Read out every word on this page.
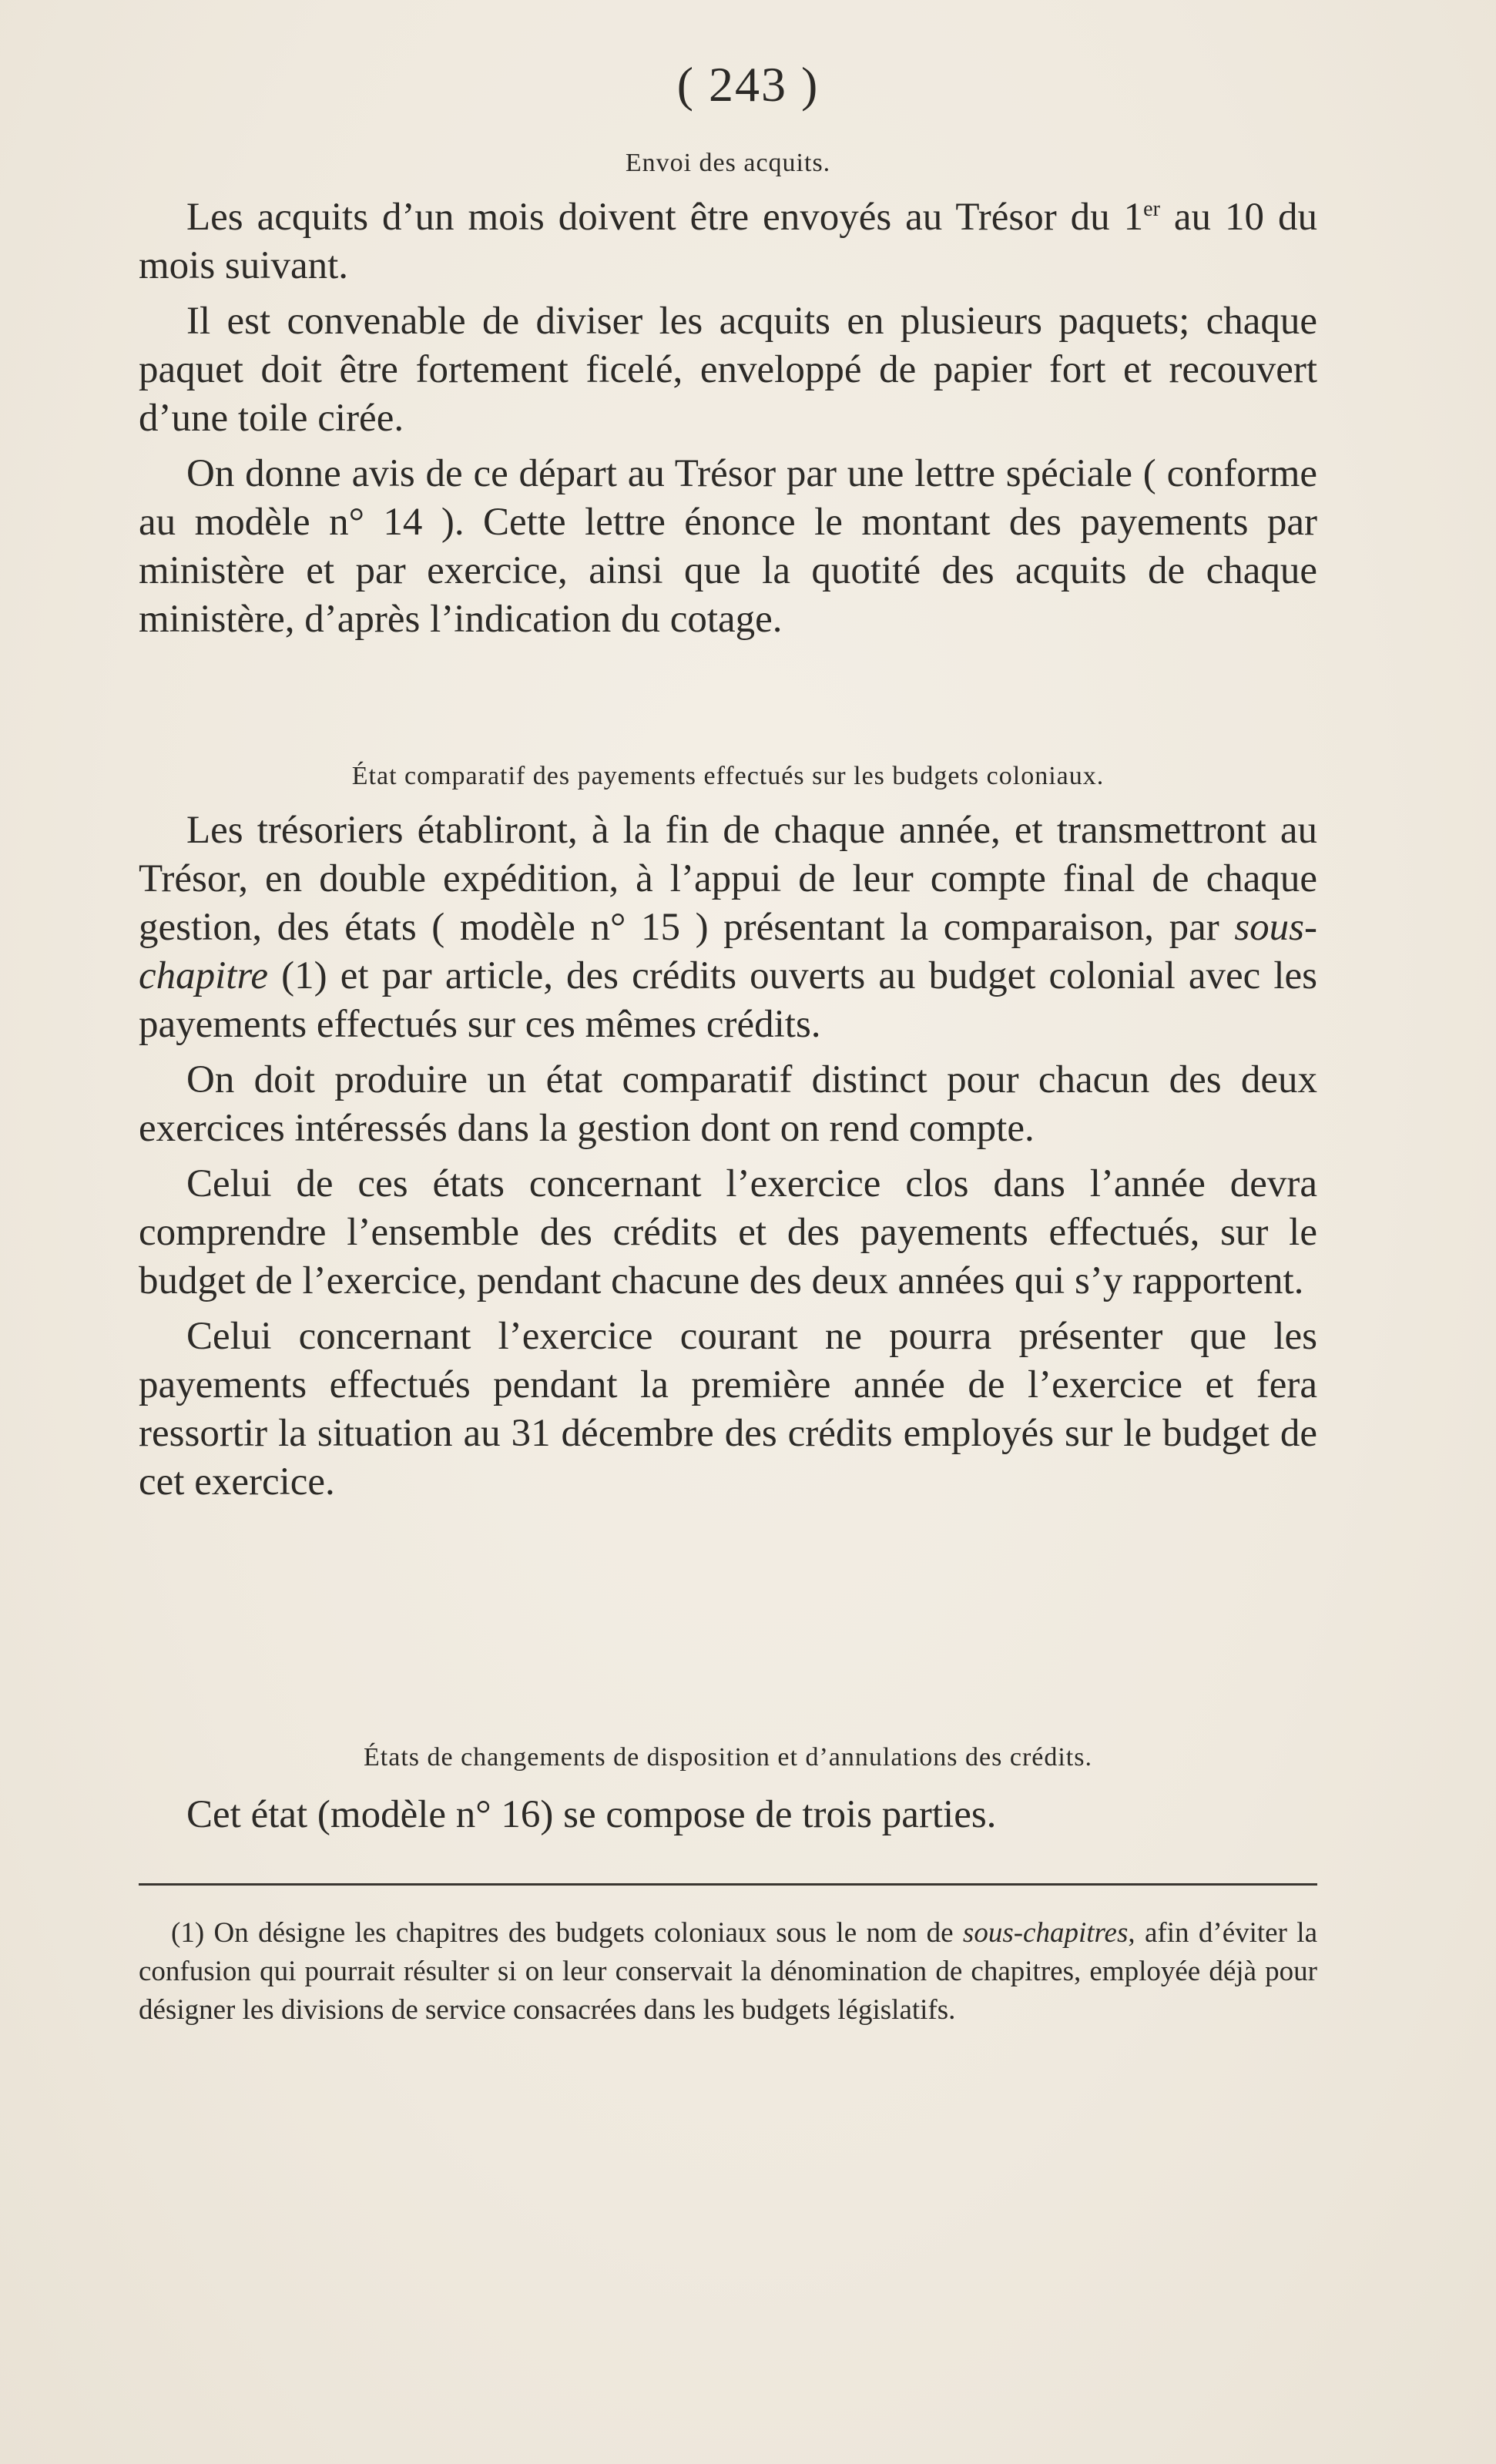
( 243 )

Envoi des acquits.

Les acquits d’un mois doivent être envoyés au Trésor du 1er au 10 du mois suivant.

Il est convenable de diviser les acquits en plusieurs paquets; chaque paquet doit être fortement ficelé, enveloppé de papier fort et recouvert d’une toile cirée.

On donne avis de ce départ au Trésor par une lettre spéciale ( conforme au modèle n° 14 ). Cette lettre énonce le montant des payements par ministère et par exercice, ainsi que la quotité des acquits de chaque ministère, d’après l’indication du cotage.

État comparatif des payements effectués sur les budgets coloniaux.

Les trésoriers établiront, à la fin de chaque année, et transmettront au Trésor, en double expédition, à l’appui de leur compte final de chaque gestion, des états ( modèle n° 15 ) présentant la comparaison, par sous-chapitre (1) et par article, des crédits ouverts au budget colonial avec les payements effectués sur ces mêmes crédits.

On doit produire un état comparatif distinct pour chacun des deux exercices intéressés dans la gestion dont on rend compte.

Celui de ces états concernant l’exercice clos dans l’année devra comprendre l’ensemble des crédits et des payements effectués, sur le budget de l’exercice, pendant chacune des deux années qui s’y rapportent.

Celui concernant l’exercice courant ne pourra présenter que les payements effectués pendant la première année de l’exercice et fera ressortir la situation au 31 décembre des crédits employés sur le budget de cet exercice.

États de changements de disposition et d’annulations des crédits.

Cet état (modèle n° 16) se compose de trois parties.

(1) On désigne les chapitres des budgets coloniaux sous le nom de sous-chapitres, afin d’éviter la confusion qui pourrait résulter si on leur conservait la dénomination de chapitres, employée déjà pour désigner les divisions de service consacrées dans les budgets législatifs.
